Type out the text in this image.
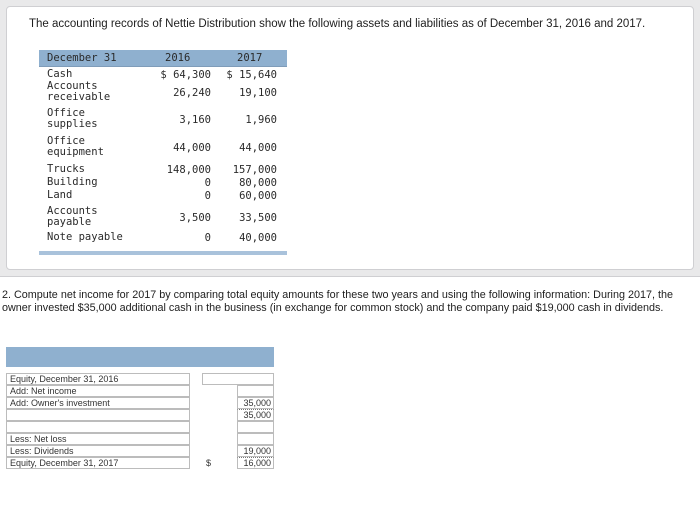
The accounting records of Nettie Distribution show the following assets and liabilities as of December 31, 2016 and 2017.
December 31	2016	2017
Cash	$ 64,300 $ 15,640
Accounts
receivable	26,240	19,100
Office
supplies	3,160	1,960
Office
equipment	44,000	44,000
Trucks	148,000 157,000
Building	0	80,000
Land	0	60,000
Accounts
payable	3,500	33,500
Note payable	0	40,000
2. Compute net income for 2017 by comparing total equity amounts for these two years and using the following information: During 2017, the owner invested $35,000 additional cash in the business (in exchange for common stock) and the company paid $19,000 cash in dividends.
Equity, December 31, 2016
Add: Net income
Add: Owner's investment	35,000
35,000
Less: Net loss
Less: Dividends	19,000
Equity, December 31, 2017	$	16,000
